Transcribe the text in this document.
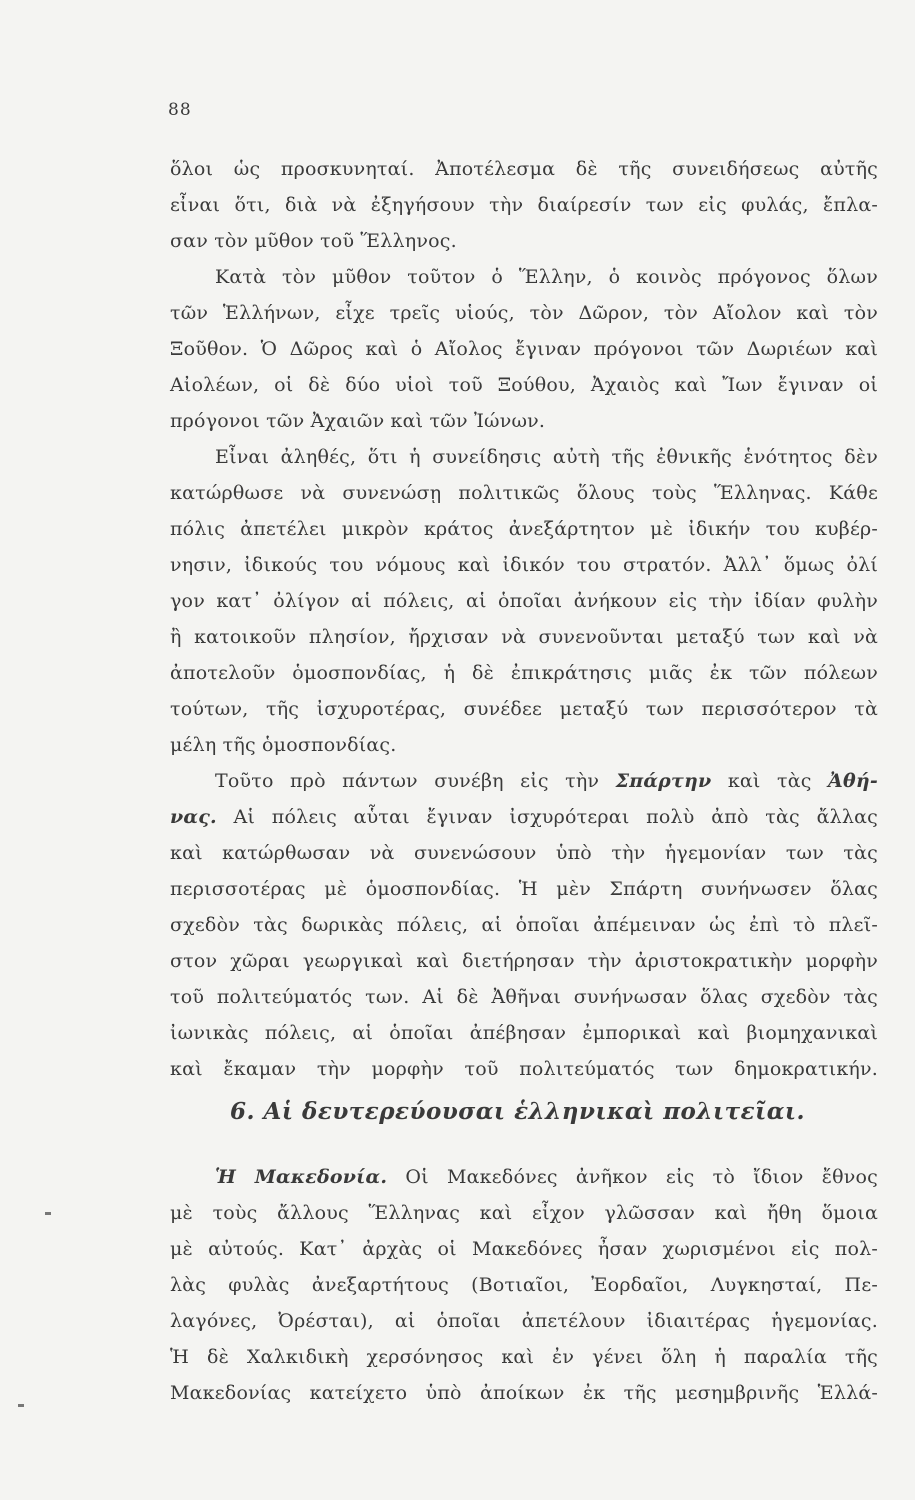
88
ὅλοι ὡς προσκυνηταί. Ἀποτέλεσμα δὲ τῆς συνειδήσεως αὐτῆς
εἶναι ὅτι, διὰ νὰ ἐξηγήσουν τὴν διαίρεσίν των εἰς φυλάς, ἔπλα-
σαν τὸν μῦθον τοῦ Ἕλληνος.
Κατὰ τὸν μῦθον τοῦτον ὁ Ἕλλην, ὁ κοινὸς πρόγονος ὅλων
τῶν Ἑλλήνων, εἶχε τρεῖς υἱούς, τὸν Δῶρον, τὸν Αἴολον καὶ τὸν
Ξοῦθον. Ὁ Δῶρος καὶ ὁ Αἴολος ἔγιναν πρόγονοι τῶν Δωριέων καὶ
Αἰολέων, οἱ δὲ δύο υἱοὶ τοῦ Ξούθου, Ἀχαιὸς καὶ Ἴων ἔγιναν οἱ
πρόγονοι τῶν Ἀχαιῶν καὶ τῶν Ἰώνων.
Εἶναι ἀληθές, ὅτι ἡ συνείδησις αὐτὴ τῆς ἐθνικῆς ἑνότητος δὲν
κατώρθωσε νὰ συνενώσῃ πολιτικῶς ὅλους τοὺς Ἕλληνας. Κάθε
πόλις ἀπετέλει μικρὸν κράτος ἀνεξάρτητον μὲ ἰδικήν του κυβέρ-
νησιν, ἰδικούς του νόμους καὶ ἰδικόν του στρατόν. Ἀλλ᾽ ὅμως ὀλί
γον κατ᾽ ὀλίγον αἱ πόλεις, αἱ ὁποῖαι ἀνήκουν εἰς τὴν ἰδίαν φυλὴν
ἢ κατοικοῦν πλησίον, ἤρχισαν νὰ συνενοῦνται μεταξύ των καὶ νὰ
ἀποτελοῦν ὁμοσπονδίας, ἡ δὲ ἐπικράτησις μιᾶς ἐκ τῶν πόλεων
τούτων, τῆς ἰσχυροτέρας, συνέδεε μεταξύ των περισσότερον τὰ
μέλη τῆς ὁμοσπονδίας.
Τοῦτο πρὸ πάντων συνέβη εἰς τὴν Σπάρτην καὶ τὰς Ἀθή-
νας. Αἱ πόλεις αὗται ἔγιναν ἰσχυρότεραι πολὺ ἀπὸ τὰς ἄλλας
καὶ κατώρθωσαν νὰ συνενώσουν ὑπὸ τὴν ἡγεμονίαν των τὰς
περισσοτέρας μὲ ὁμοσπονδίας. Ἡ μὲν Σπάρτη συνήνωσεν ὅλας
σχεδὸν τὰς δωρικὰς πόλεις, αἱ ὁποῖαι ἀπέμειναν ὡς ἐπὶ τὸ πλεῖ-
στον χῶραι γεωργικαὶ καὶ διετήρησαν τὴν ἀριστοκρατικὴν μορφὴν
τοῦ πολιτεύματός των. Αἱ δὲ Ἀθῆναι συνήνωσαν ὅλας σχεδὸν τὰς
ἰωνικὰς πόλεις, αἱ ὁποῖαι ἀπέβησαν ἐμπορικαὶ καὶ βιομηχανικαὶ
καὶ ἔκαμαν τὴν μορφὴν τοῦ πολιτεύματός των δημοκρατικήν.
6. Αἱ δευτερεύουσαι ἑλληνικαὶ πολιτεῖαι.
Ἡ Μακεδονία. Οἱ Μακεδόνες ἀνῆκον εἰς τὸ ἴδιον ἔθνος
μὲ τοὺς ἄλλους Ἕλληνας καὶ εἶχον γλῶσσαν καὶ ἤθη ὅμοια
μὲ αὐτούς. Κατ᾽ ἀρχὰς οἱ Μακεδόνες ἦσαν χωρισμένοι εἰς πολ-
λὰς φυλὰς ἀνεξαρτήτους (Βοτιαῖοι, Ἐορδαῖοι, Λυγκησταί, Πε-
λαγόνες, Ὀρέσται), αἱ ὁποῖαι ἀπετέλουν ἰδιαιτέρας ἡγεμονίας.
Ἡ δὲ Χαλκιδικὴ χερσόνησος καὶ ἐν γένει ὅλη ἡ παραλία τῆς
Μακεδονίας κατείχετο ὑπὸ ἀποίκων ἐκ τῆς μεσημβρινῆς Ἑλλά-
